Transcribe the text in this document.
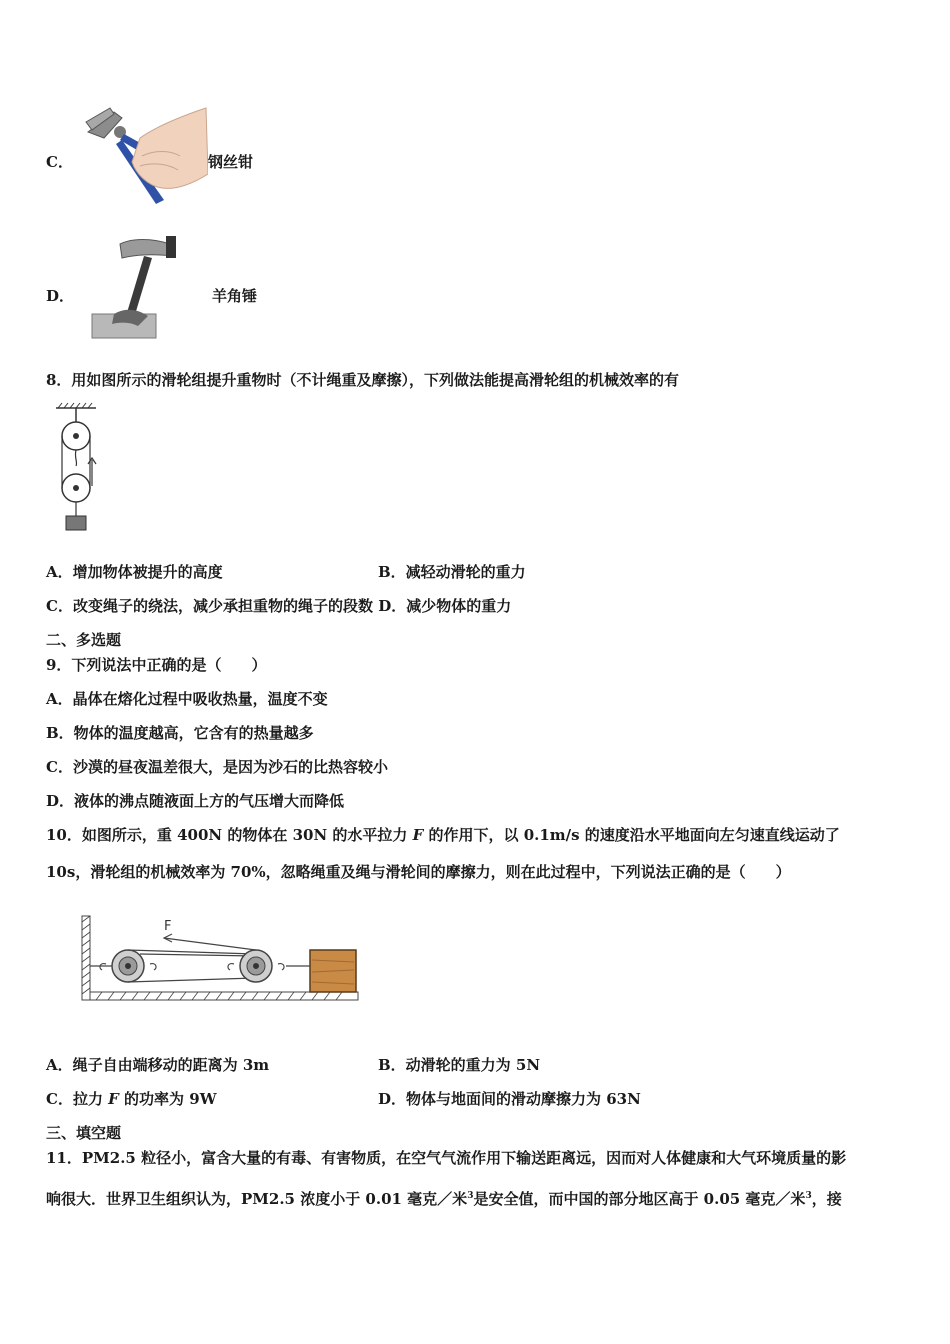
C．	钢丝钳
D．	羊角锤
8．用如图所示的滑轮组提升重物时（不计绳重及摩擦），下列做法能提高滑轮组的机械效率的有
A．增加物体被提升的高度	B．减轻动滑轮的重力
C．改变绳子的绕法，减少承担重物的绳子的段数 D．减少物体的重力
二、多选题
9．下列说法中正确的是（　　）
A．晶体在熔化过程中吸收热量，温度不变
B．物体的温度越高，它含有的热量越多
C．沙漠的昼夜温差很大，是因为沙石的比热容较小
D．液体的沸点随液面上方的气压增大而降低
10．如图所示，重 400N 的物体在 30N 的水平拉力 F 的作用下，以 0.1m/s 的速度沿水平地面向左匀速直线运动了
10s，滑轮组的机械效率为 70%，忽略绳重及绳与滑轮间的摩擦力，则在此过程中，下列说法正确的是（　　）
F
A．绳子自由端移动的距离为 3m	B．动滑轮的重力为 5N
C．拉力 F 的功率为 9W	D．物体与地面间的滑动摩擦力为 63N
三、填空题
11．PM2.5 粒径小，富含大量的有毒、有害物质，在空气气流作用下输送距离远，因而对人体健康和大气环境质量的影
响很大．世界卫生组织认为，PM2.5 浓度小于 0.01 毫克／米$^3$是安全值，而中国的部分地区高于 0.05 毫克／米$^3$，接
